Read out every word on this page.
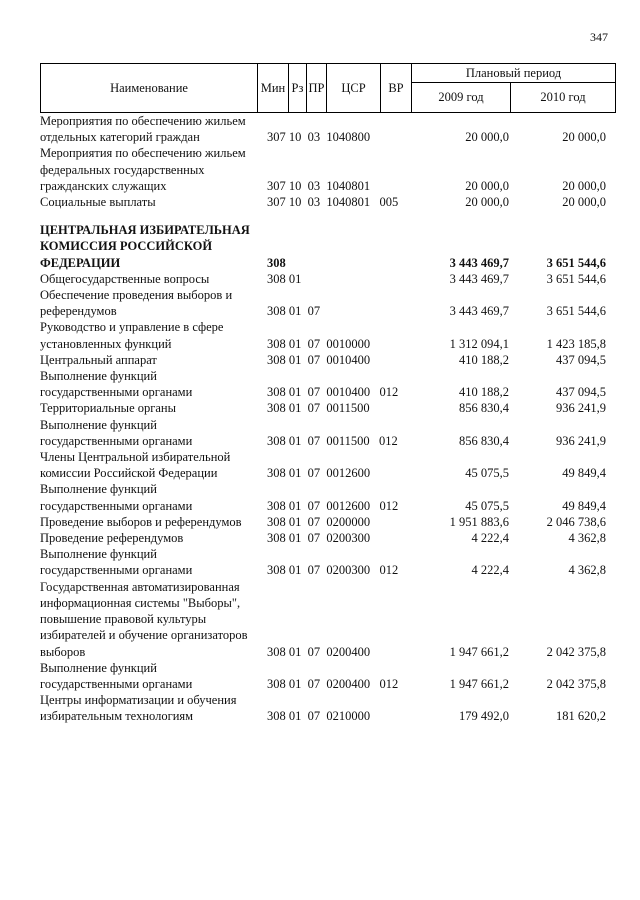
347
Наименование	Мин Рз ПР	ЦСР	ВР
Плановый период
2009 год	2010 год
Мероприятия по обеспечению жильем отдельных категорий граждан	307 10  03  1040800	20 000,0	20 000,0
Мероприятия по обеспечению жильем федеральных государственных гражданских служащих	307 10  03  1040801	20 000,0	20 000,0
Социальные выплаты	307 10  03  1040801   005	20 000,0	20 000,0
ЦЕНТРАЛЬНАЯ ИЗБИРАТЕЛЬНАЯ КОМИССИЯ РОССИЙСКОЙ ФЕДЕРАЦИИ	308	3 443 469,7	3 651 544,6
Общегосударственные вопросы	308 01	3 443 469,7	3 651 544,6
Обеспечение проведения выборов и референдумов	308 01  07	3 443 469,7	3 651 544,6
Руководство и управление в сфере установленных функций	308 01  07  0010000	1 312 094,1	1 423 185,8
Центральный аппарат	308 01  07  0010400	410 188,2	437 094,5
Выполнение функций государственными органами	308 01  07  0010400   012	410 188,2	437 094,5
Территориальные органы	308 01  07  0011500	856 830,4	936 241,9
Выполнение функций государственными органами	308 01  07  0011500   012	856 830,4	936 241,9
Члены Центральной избирательной комиссии Российской Федерации	308 01  07  0012600	45 075,5	49 849,4
Выполнение функций государственными органами	308 01  07  0012600   012	45 075,5	49 849,4
Проведение выборов и референдумов	308 01  07  0200000	1 951 883,6	2 046 738,6
Проведение референдумов	308 01  07  0200300	4 222,4	4 362,8
Выполнение функций государственными органами	308 01  07  0200300   012	4 222,4	4 362,8
Государственная автоматизированная информационная системы "Выборы", повышение правовой культуры избирателей и обучение организаторов выборов	308 01  07  0200400	1 947 661,2	2 042 375,8
Выполнение функций государственными органами	308 01  07  0200400   012	1 947 661,2	2 042 375,8
Центры информатизации и обучения избирательным технологиям	308 01  07  0210000	179 492,0	181 620,2
